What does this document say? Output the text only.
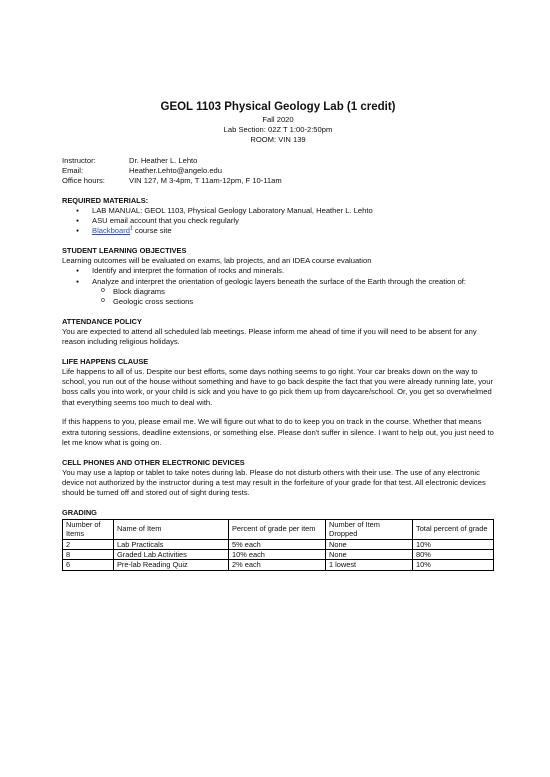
GEOL 1103 Physical Geology Lab (1 credit)
Fall 2020
Lab Section: 02Z T 1:00-2:50pm
ROOM: VIN 139
Instructor:	Dr. Heather L. Lehto
Email:	Heather.Lehto@angelo.edu
Office hours:	VIN 127, M 3-4pm, T 11am-12pm, F 10-11am
REQUIRED MATERIALS:
● LAB MANUAL: GEOL 1103, Physical Geology Laboratory Manual, Heather L. Lehto
● ASU email account that you check regularly
● Blackboard$^1$ course site
STUDENT LEARNING OBJECTIVES
Learning outcomes will be evaluated on exams, lab projects, and an IDEA course evaluation
● Identify and interpret the formation of rocks and minerals.
● Analyze and interpret the orientation of geologic layers beneath the surface of the Earth through the creation of:
o Block diagrams
o Geologic cross sections
ATTENDANCE POLICY
You are expected to attend all scheduled lab meetings. Please inform me ahead of time if you will need to be absent for any reason including religious holidays.
LIFE HAPPENS CLAUSE
Life happens to all of us. Despite our best efforts, some days nothing seems to go right. Your car breaks down on the way to school, you run out of the house without something and have to go back despite the fact that you were already running late, your boss calls you into work, or your child is sick and you have to go pick them up from daycare/school. Or, you get so overwhelmed that everything seems too much to deal with.
If this happens to you, please email me. We will figure out what to do to keep you on track in the course. Whether that means extra tutoring sessions, deadline extensions, or something else. Please don't suffer in silence. I want to help out, you just need to let me know what is going on.
CELL PHONES AND OTHER ELECTRONIC DEVICES
You may use a laptop or tablet to take notes during lab. Please do not disturb others with their use. The use of any electronic device not authorized by the instructor during a test may result in the forfeiture of your grade for that test. All electronic devices should be turned off and stored out of sight during tests.
GRADING
Number of Items	Name of Item	Percent of grade per item	Number of Item Dropped	Total percent of grade
2	Lab Practicals	5% each	None	10%
8	Graded Lab Activities	10% each	None	80%
6	Pre-lab Reading Quiz	2% each	1 lowest	10%
